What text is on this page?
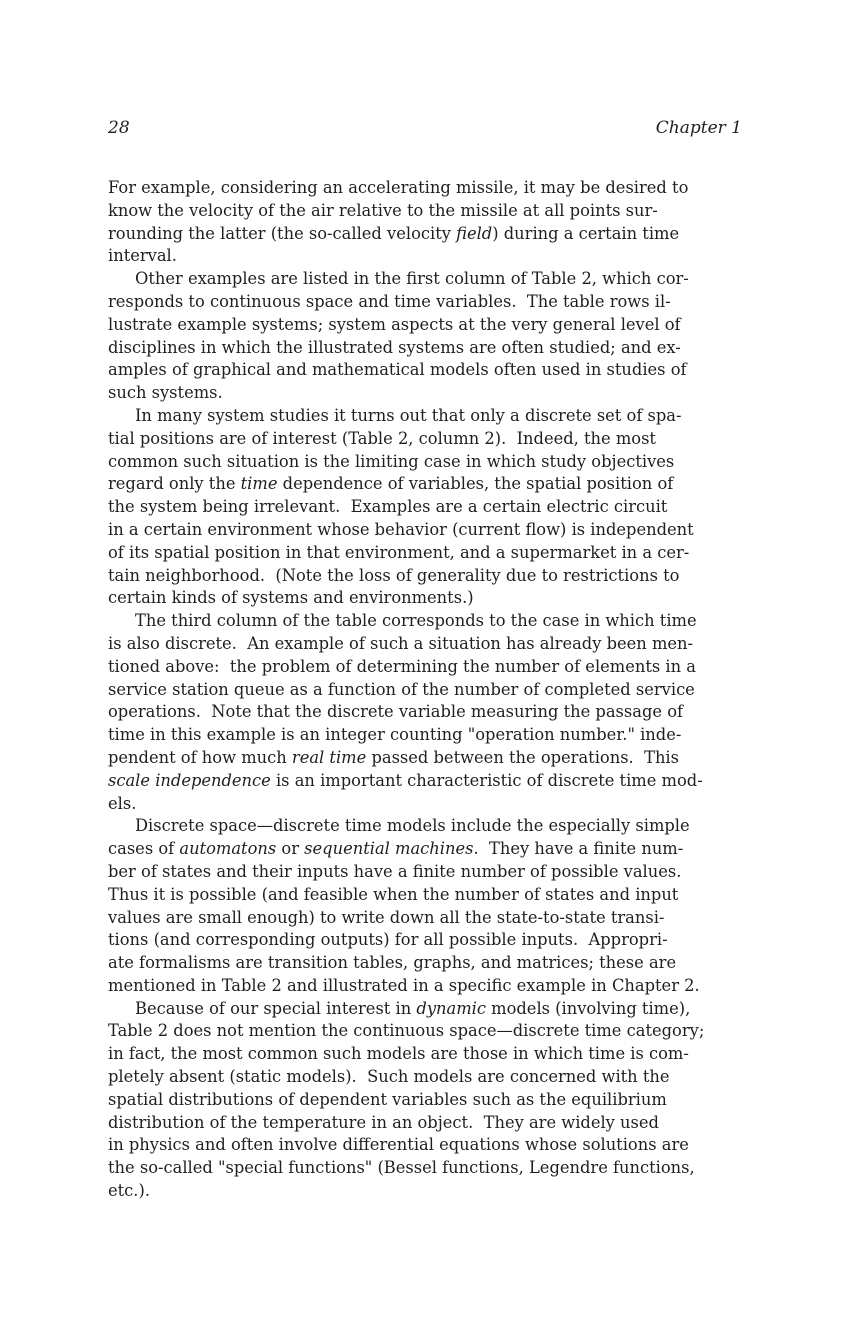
28	Chapter 1
For example, considering an accelerating missile, it may be desired to
know the velocity of the air relative to the missile at all points sur-
rounding the latter (the so-called velocity field) during a certain time
interval.
Other examples are listed in the first column of Table 2, which cor-
responds to continuous space and time variables.  The table rows il-
lustrate example systems; system aspects at the very general level of
disciplines in which the illustrated systems are often studied; and ex-
amples of graphical and mathematical models often used in studies of
such systems.
In many system studies it turns out that only a discrete set of spa-
tial positions are of interest (Table 2, column 2).  Indeed, the most
common such situation is the limiting case in which study objectives
regard only the time dependence of variables, the spatial position of
the system being irrelevant.  Examples are a certain electric circuit
in a certain environment whose behavior (current flow) is independent
of its spatial position in that environment, and a supermarket in a cer-
tain neighborhood.  (Note the loss of generality due to restrictions to
certain kinds of systems and environments.)
The third column of the table corresponds to the case in which time
is also discrete.  An example of such a situation has already been men-
tioned above:  the problem of determining the number of elements in a
service station queue as a function of the number of completed service
operations.  Note that the discrete variable measuring the passage of
time in this example is an integer counting "operation number." inde-
pendent of how much real time passed between the operations.  This
scale independence is an important characteristic of discrete time mod-
els.
Discrete space—discrete time models include the especially simple
cases of automatons or sequential machines.  They have a finite num-
ber of states and their inputs have a finite number of possible values.
Thus it is possible (and feasible when the number of states and input
values are small enough) to write down all the state-to-state transi-
tions (and corresponding outputs) for all possible inputs.  Appropri-
ate formalisms are transition tables, graphs, and matrices; these are
mentioned in Table 2 and illustrated in a specific example in Chapter 2.
Because of our special interest in dynamic models (involving time),
Table 2 does not mention the continuous space—discrete time category;
in fact, the most common such models are those in which time is com-
pletely absent (static models).  Such models are concerned with the
spatial distributions of dependent variables such as the equilibrium
distribution of the temperature in an object.  They are widely used
in physics and often involve differential equations whose solutions are
the so-called "special functions" (Bessel functions, Legendre functions,
etc.).
